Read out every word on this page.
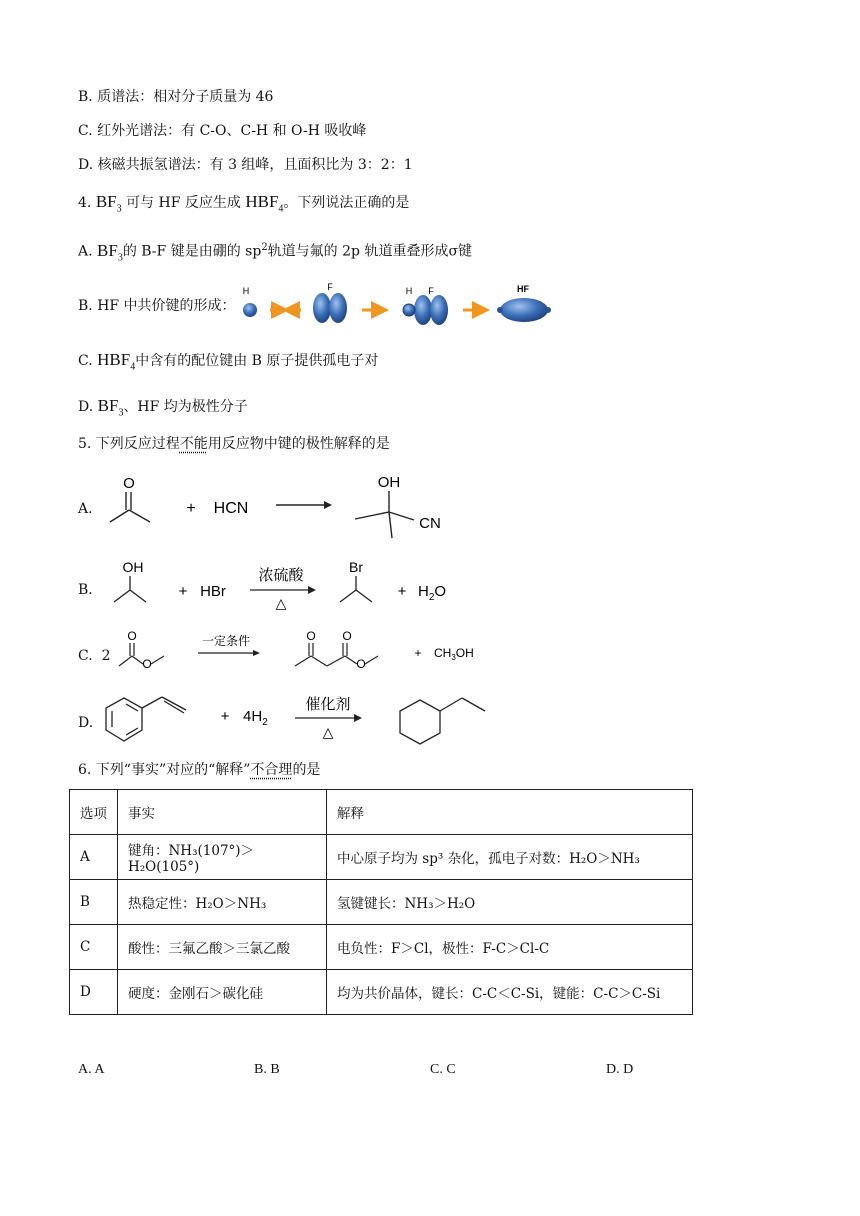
B. 质谱法：相对分子质量为 46
C. 红外光谱法：有 C-O、C-H 和 O-H 吸收峰
D. 核磁共振氢谱法：有 3 组峰，且面积比为 3：2：1
4. $BF_3$ 可与 HF 反应生成 $HBF_4$。下列说法正确的是
A. $BF_3$的 B-F 键是由硼的 $sp^2$轨道与氟的 2p 轨道重叠形成σ键
B. HF 中共价键的形成：
H	F	H F	HF
C. $HBF_4$中含有的配位键由 B 原子提供孤电子对
D. $BF_3$、HF 均为极性分子
5. 下列反应过程不能用反应物中键的极性解释的是
A.
O
+ HCN
OH
CN
B.
OH
+ HBr
浓硫酸
△
Br
+ $H_2O$
C. 2
O
O
一定条件	O O
O
+ $CH_3OH$
D.	+ $4H_2$
催化剂
△
6. 下列“事实”对应的“解释”不合理的是
选项	事实	解释
A	键角：NH₃(107°)＞H₂O(105°)	中心原子均为 sp³ 杂化，孤电子对数：H₂O＞NH₃
B	热稳定性：H₂O＞NH₃	氢键键长：NH₃＞H₂O
C	酸性：三氟乙酸＞三氯乙酸	电负性：F＞Cl，极性：F-C＞Cl-C
D	硬度：金刚石＞碳化硅	均为共价晶体，键长：C-C＜C-Si，键能：C-C＞C-Si
A. A	B. B	C. C	D. D
